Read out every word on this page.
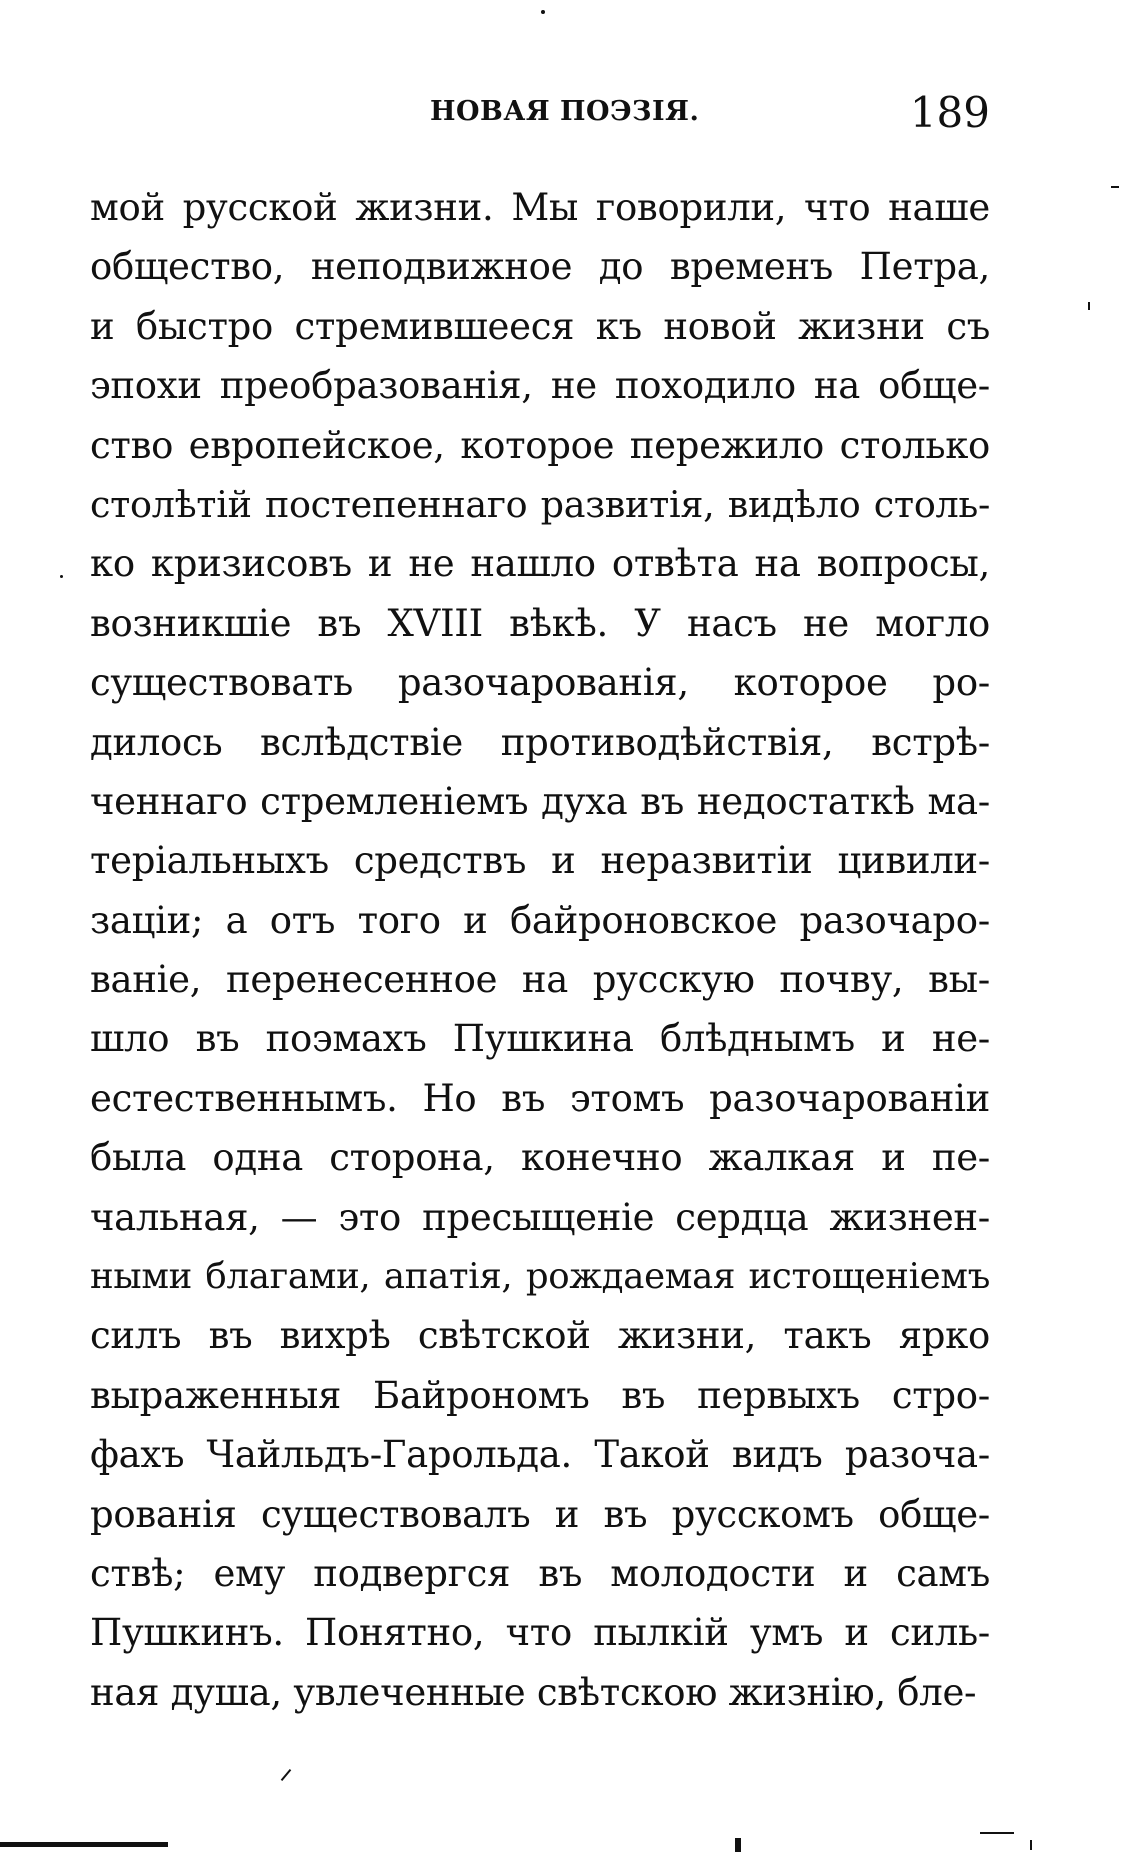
НОВАЯ ПОЭЗІЯ.	189
мой русской жизни. Мы говорили, что наше
общество, неподвижное до временъ Петра,
и быстро стремившееся къ новой жизни съ
эпохи преобразованія, не походило на обще-
ство европейское, которое пережило столько
столѣтій постепеннаго развитія, видѣло столь-
ко кризисовъ и не нашло отвѣта на вопросы,
возникшіе въ XVIII вѣкѣ. У насъ не могло
существовать разочарованія, которое ро-
дилось вслѣдствіе противодѣйствія, встрѣ-
ченнаго стремленіемъ духа въ недостаткѣ ма-
теріальныхъ средствъ и неразвитіи цивили-
заціи; а отъ того и байроновское разочаро-
ваніе, перенесенное на русскую почву, вы-
шло въ поэмахъ Пушкина блѣднымъ и не-
естественнымъ. Но въ этомъ разочарованіи
была одна сторона, конечно жалкая и пе-
чальная, — это пресыщеніе сердца жизнен-
ными благами, апатія, рождаемая истощеніемъ
силъ въ вихрѣ свѣтской жизни, такъ ярко
выраженныя Байрономъ въ первыхъ стро-
фахъ Чайльдъ-Гарольда. Такой видъ разоча-
рованія существовалъ и въ русскомъ обще-
ствѣ; ему подвергся въ молодости и самъ
Пушкинъ. Понятно, что пылкій умъ и силь-
ная душа, увлеченные свѣтскою жизнію, бле-
